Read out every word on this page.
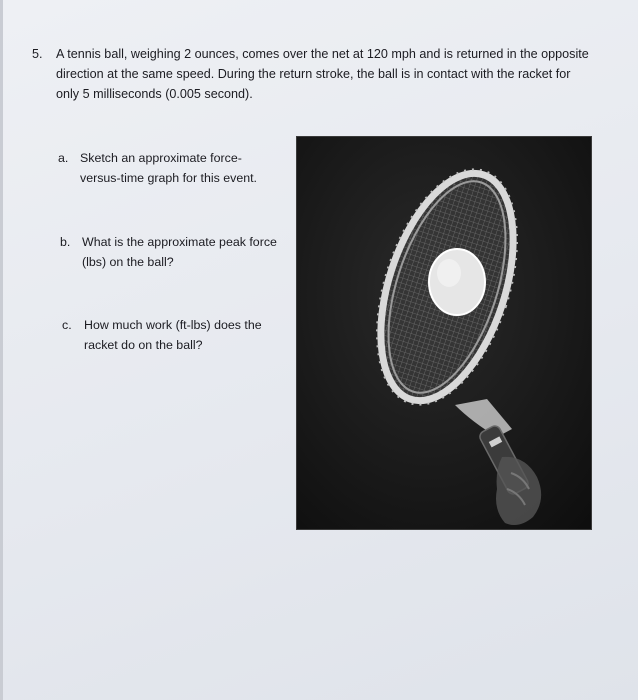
5. A tennis ball, weighing 2 ounces, comes over the net at 120 mph and is returned in the opposite direction at the same speed. During the return stroke, the ball is in contact with the racket for only 5 milliseconds (0.005 second).
a. Sketch an approximate force-versus-time graph for this event.
b. What is the approximate peak force (lbs) on the ball?
c. How much work (ft-lbs) does the racket do on the ball?
